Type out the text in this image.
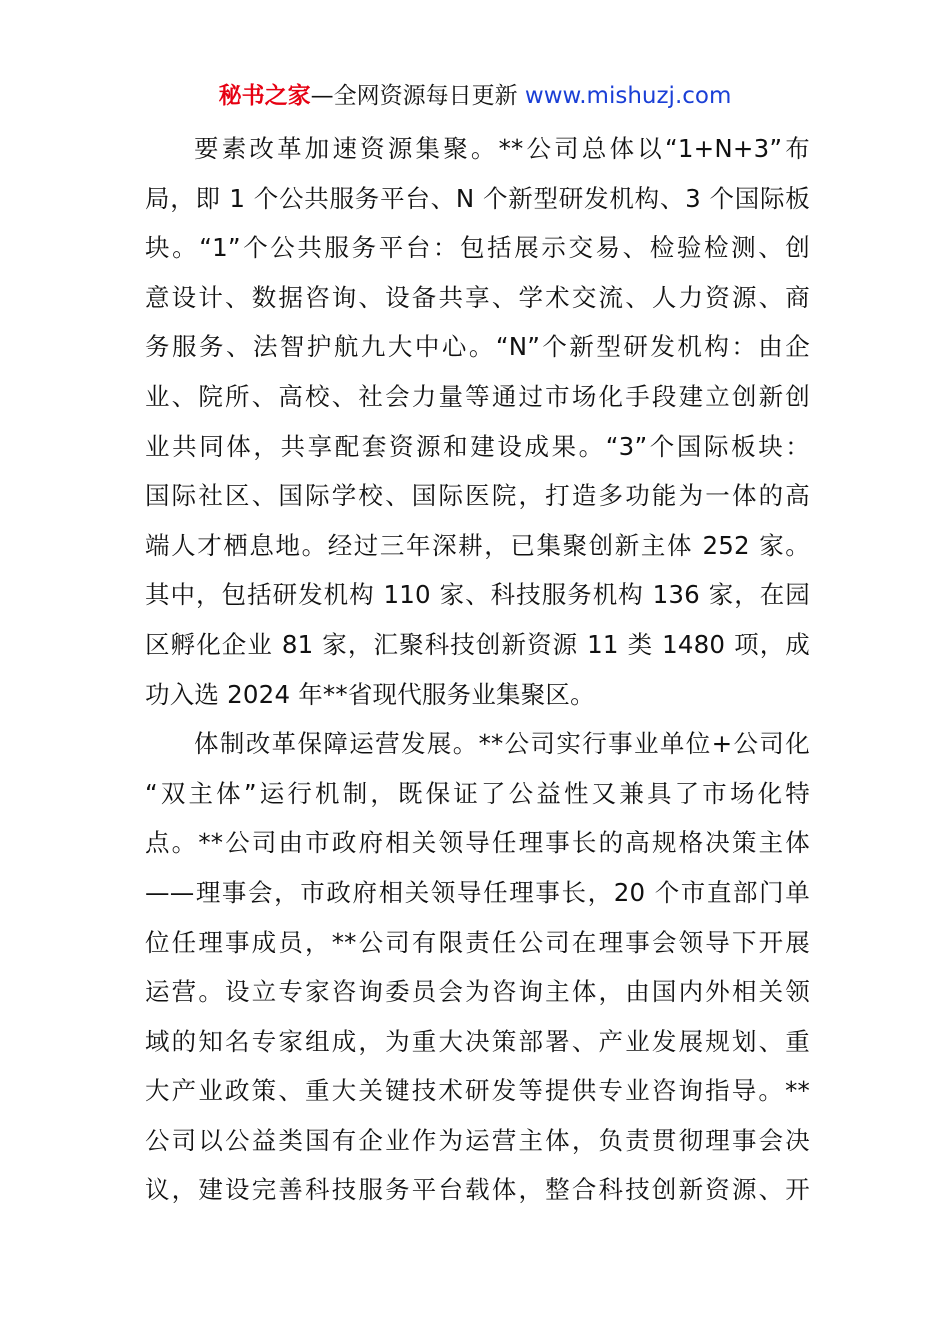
秘书之家—全网资源每日更新 www.mishuzj.com
要素改革加速资源集聚。**公司总体以“1+N+3”布
局，即 1 个公共服务平台、N 个新型研发机构、3 个国际板
块。“1”个公共服务平台：包括展示交易、检验检测、创
意设计、数据咨询、设备共享、学术交流、人力资源、商
务服务、法智护航九大中心。“N”个新型研发机构：由企
业、院所、高校、社会力量等通过市场化手段建立创新创
业共同体，共享配套资源和建设成果。“3”个国际板块：
国际社区、国际学校、国际医院，打造多功能为一体的高
端人才栖息地。经过三年深耕，已集聚创新主体 252 家。
其中，包括研发机构 110 家、科技服务机构 136 家，在园
区孵化企业 81 家，汇聚科技创新资源 11 类 1480 项，成
功入选 2024 年**省现代服务业集聚区。
体制改革保障运营发展。**公司实行事业单位+公司化
“双主体”运行机制，既保证了公益性又兼具了市场化特
点。**公司由市政府相关领导任理事长的高规格决策主体
——理事会，市政府相关领导任理事长，20 个市直部门单
位任理事成员，**公司有限责任公司在理事会领导下开展
运营。设立专家咨询委员会为咨询主体，由国内外相关领
域的知名专家组成，为重大决策部署、产业发展规划、重
大产业政策、重大关键技术研发等提供专业咨询指导。**
公司以公益类国有企业作为运营主体，负责贯彻理事会决
议，建设完善科技服务平台载体，整合科技创新资源、开
